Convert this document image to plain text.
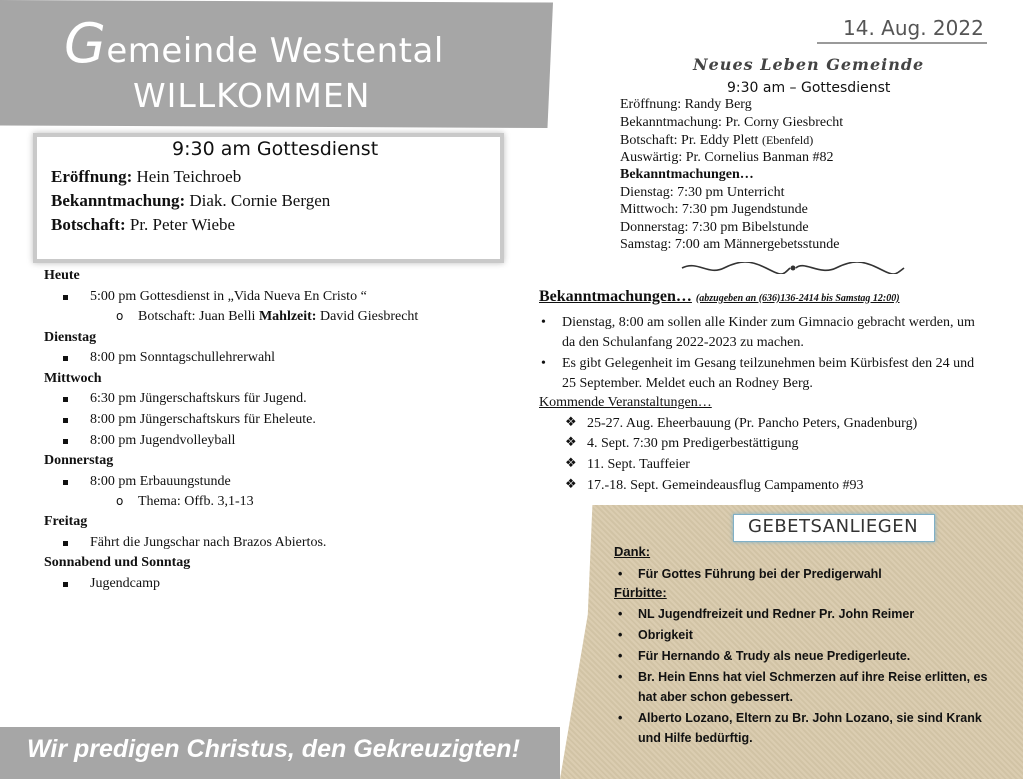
Gemeinde Westental
WILLKOMMEN
9:30 am Gottesdienst
Eröffnung: Hein Teichroeb
Bekanntmachung: Diak. Cornie Bergen
Botschaft: Pr. Peter Wiebe
Heute
5:00 pm Gottesdienst in „Vida Nueva En Cristo “
o Botschaft: Juan Belli Mahlzeit: David Giesbrecht
Dienstag
8:00 pm Sonntagschullehrerwahl
Mittwoch
6:30 pm Jüngerschaftskurs für Jugend.
8:00 pm Jüngerschaftskurs für Eheleute.
8:00 pm Jugendvolleyball
Donnerstag
8:00 pm Erbauungstunde
o Thema: Offb. 3,1-13
Freitag
Fährt die Jungschar nach Brazos Abiertos.
Sonnabend und Sonntag
Jugendcamp
Wir predigen Christus, den Gekreuzigten!
14. Aug. 2022
Neues Leben Gemeinde
9:30 am – Gottesdienst
Eröffnung: Randy Berg
Bekanntmachung: Pr. Corny Giesbrecht
Botschaft: Pr. Eddy Plett (Ebenfeld)
Auswärtig: Pr. Cornelius Banman #82
Bekanntmachungen…
Dienstag: 7:30 pm Unterricht
Mittwoch: 7:30 pm Jugendstunde
Donnerstag: 7:30 pm Bibelstunde
Samstag: 7:00 am Männergebetsstunde
Bekanntmachungen… (abzugeben an (636)136-2414 bis Samstag 12:00)
• Dienstag, 8:00 am sollen alle Kinder zum Gimnacio gebracht werden, um da den Schulanfang 2022-2023 zu machen.
• Es gibt Gelegenheit im Gesang teilzunehmen beim Kürbisfest den 24 und 25 September. Meldet euch an Rodney Berg.
Kommende Veranstaltungen…
❖ 25-27. Aug. Eheerbauung (Pr. Pancho Peters, Gnadenburg)
❖ 4. Sept. 7:30 pm Predigerbestättigung
❖ 11. Sept. Tauffeier
❖ 17.-18. Sept. Gemeindeausflug Campamento #93
GEBETSANLIEGEN
Dank:
• Für Gottes Führung bei der Predigerwahl
Fürbitte:
• NL Jugendfreizeit und Redner Pr. John Reimer
• Obrigkeit
• Für Hernando & Trudy als neue Predigerleute.
• Br. Hein Enns hat viel Schmerzen auf ihre Reise erlitten, es hat aber schon gebessert.
• Alberto Lozano, Eltern zu Br. John Lozano, sie sind Krank und Hilfe bedürftig.
